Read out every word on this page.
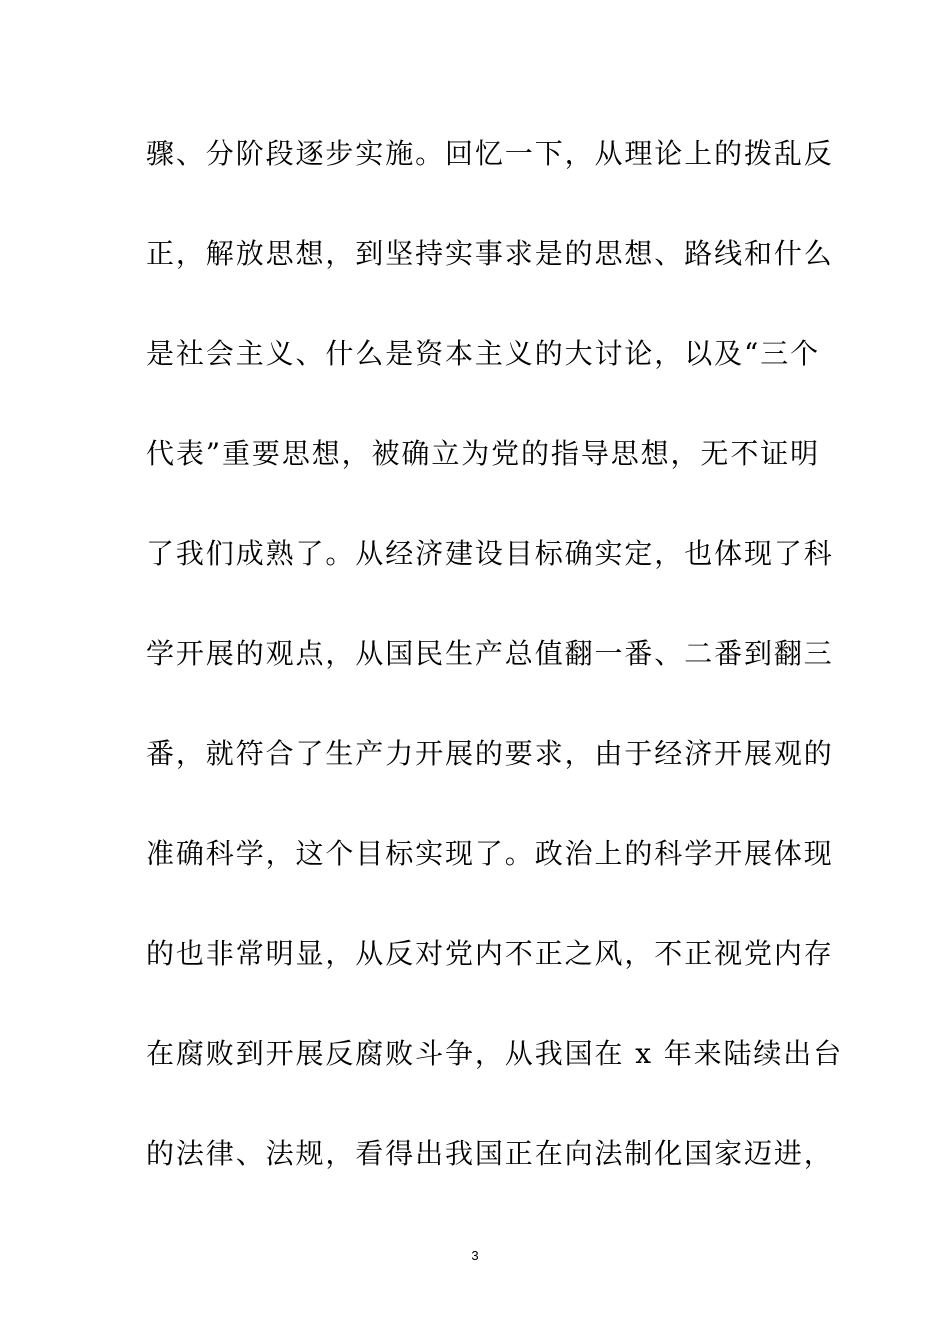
骤、分阶段逐步实施。回忆一下，从理论上的拨乱反
正，解放思想，到坚持实事求是的思想、路线和什么
是社会主义、什么是资本主义的大讨论，以及“三个
代表”重要思想，被确立为党的指导思想，无不证明
了我们成熟了。从经济建设目标确实定，也体现了科
学开展的观点，从国民生产总值翻一番、二番到翻三
番，就符合了生产力开展的要求，由于经济开展观的
准确科学，这个目标实现了。政治上的科学开展体现
的也非常明显，从反对党内不正之风，不正视党内存
在腐败到开展反腐败斗争，从我国在 x 年来陆续出台
的法律、法规，看得出我国正在向法制化国家迈进，
3
